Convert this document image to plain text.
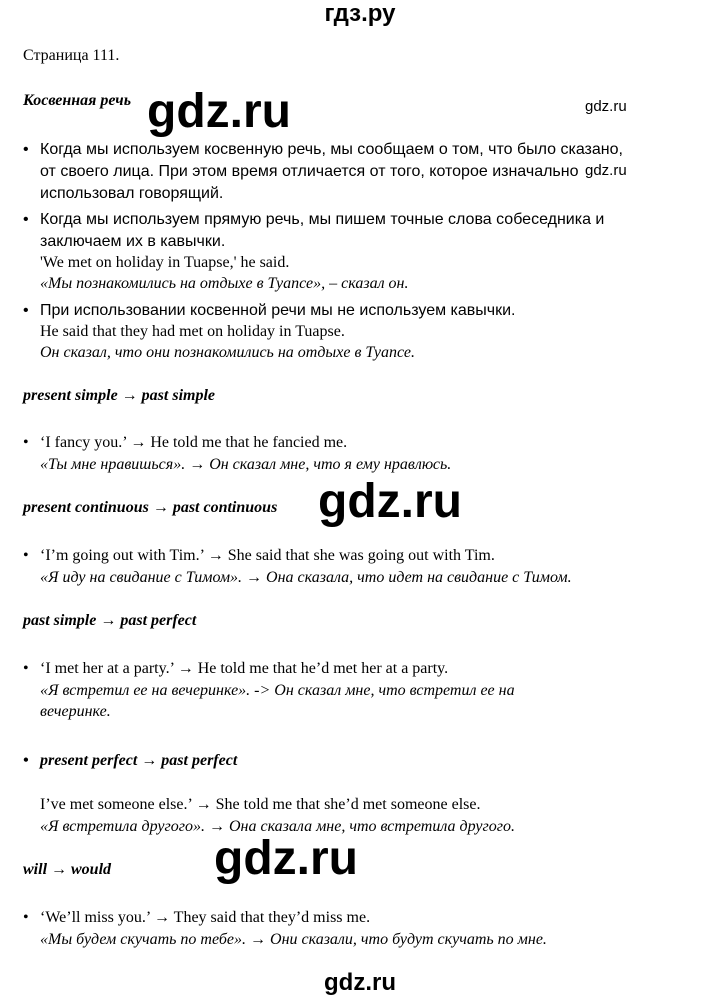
гдз.ру
Страница 111.
gdz.ru	gdz.ru
gdz.ru
gdz.ru
gdz.ru
Косвенная речь
• Когда мы используем косвенную речь, мы сообщаем о том, что было сказано,
от своего лица. При этом время отличается от того, которое изначально
использовал говорящий.
• Когда мы используем прямую речь, мы пишем точные слова собеседника и
заключаем их в кавычки.
'We met on holiday in Tuapse,' he said.
«Мы познакомились на отдыхе в Туапсе», – сказал он.
• При использовании косвенной речи мы не используем кавычки.
He said that they had met on holiday in Tuapse.
Он сказал, что они познакомились на отдыхе в Туапсе.
present simple → past simple
• ‘I fancy you.’ → He told me that he fancied me.
«Ты мне нравишься». → Он сказал мне, что я ему нравлюсь.
present continuous → past continuous
• ‘I’m going out with Tim.’ → She said that she was going out with Tim.
«Я иду на свидание с Тимом». → Она сказала, что идет на свидание с Тимом.
past simple → past perfect
• ‘I met her at a party.’ → He told me that he’d met her at a party.
«Я встретил ее на вечеринке». -> Он сказал мне, что встретил ее на
вечеринке.
• present perfect → past perfect
I’ve met someone else.’ → She told me that she’d met someone else.
«Я встретила другого». → Она сказала мне, что встретила другого.
will → would
• ‘We’ll miss you.’ → They said that they’d miss me.
«Мы будем скучать по тебе». → Они сказали, что будут скучать по мне.
gdz.ru
